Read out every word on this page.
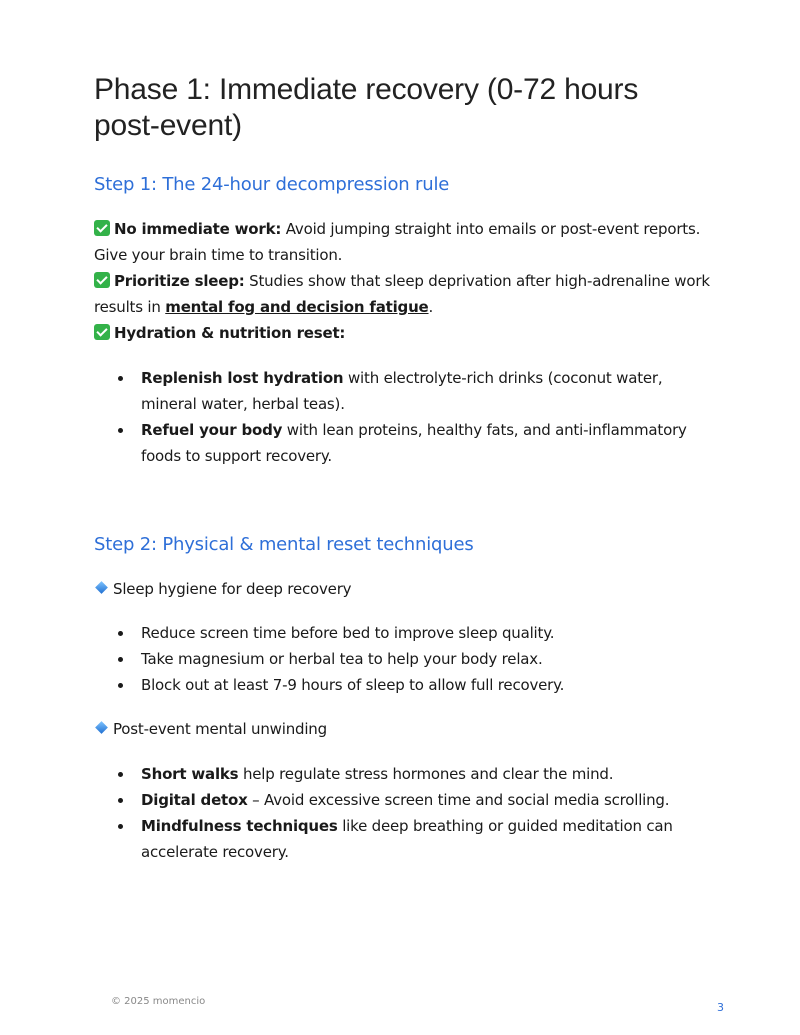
Phase 1: Immediate recovery (0-72 hours post-event)
Step 1: The 24-hour decompression rule

No immediate work: Avoid jumping straight into emails or post-event reports. Give your brain time to transition.

Prioritize sleep: Studies show that sleep deprivation after high-adrenaline work results in mental fog and decision fatigue.

Hydration & nutrition reset:

Replenish lost hydration with electrolyte-rich drinks (coconut water, mineral water, herbal teas).
Refuel your body with lean proteins, healthy fats, and anti-inflammatory foods to support recovery.
Step 2: Physical & mental reset techniques

Sleep hygiene for deep recovery

Reduce screen time before bed to improve sleep quality.
Take magnesium or herbal tea to help your body relax.
Block out at least 7-9 hours of sleep to allow full recovery.

Post-event mental unwinding

Short walks help regulate stress hormones and clear the mind.
Digital detox – Avoid excessive screen time and social media scrolling.
Mindfulness techniques like deep breathing or guided meditation can accelerate recovery.
© 2025 momencio	3
